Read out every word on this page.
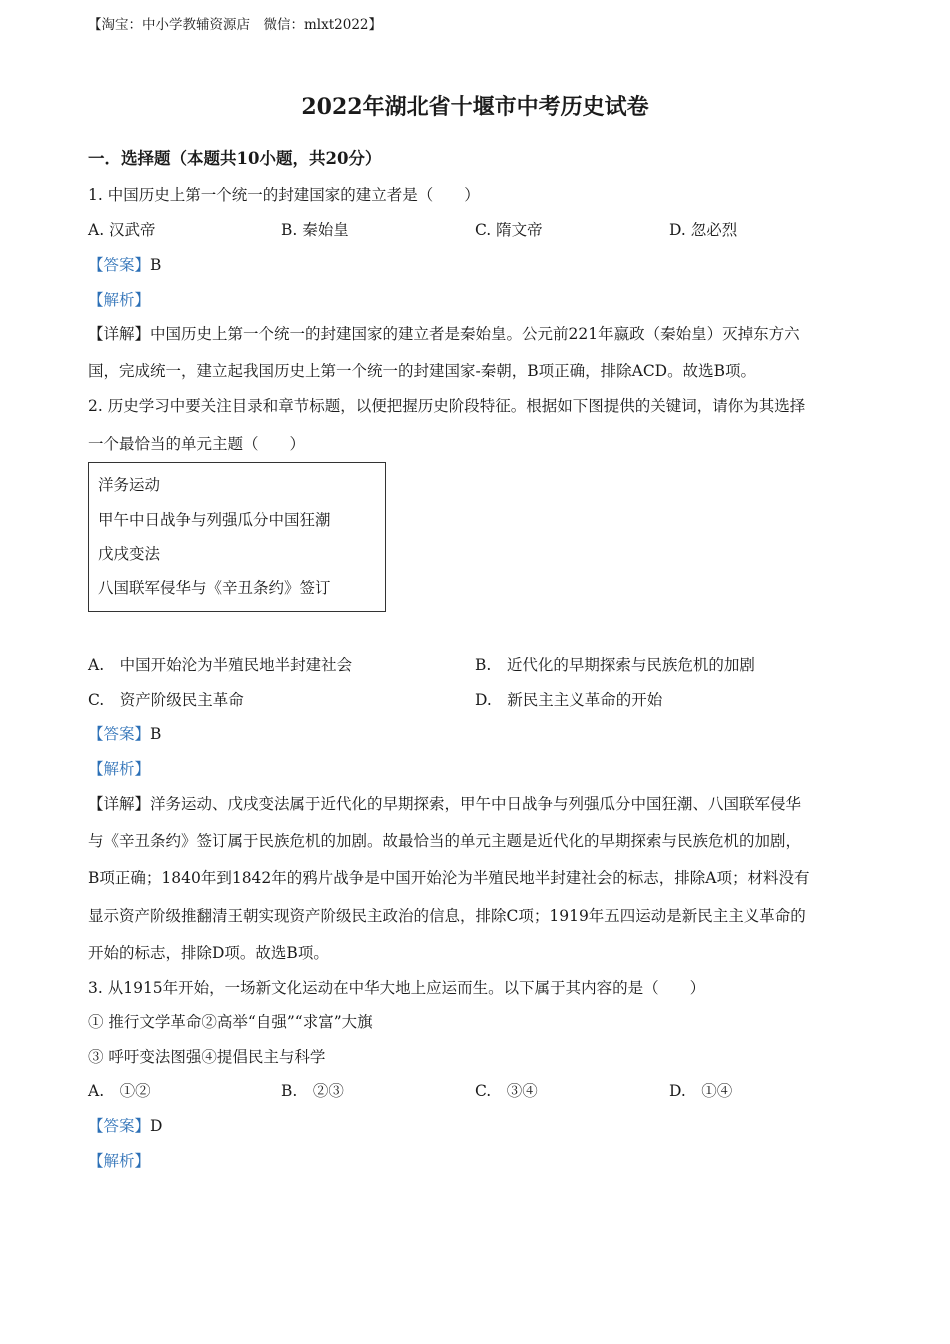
【淘宝：中小学教辅资源店　微信：mlxt2022】
2022年湖北省十堰市中考历史试卷
一．选择题（本题共10小题，共20分）
1. 中国历史上第一个统一的封建国家的建立者是（　　）
A. 汉武帝	B. 秦始皇	C. 隋文帝	D. 忽必烈
【答案】B
【解析】
【详解】中国历史上第一个统一的封建国家的建立者是秦始皇。公元前221年嬴政（秦始皇）灭掉东方六
国，完成统一，建立起我国历史上第一个统一的封建国家-秦朝，B项正确，排除ACD。故选B项。
2. 历史学习中要关注目录和章节标题，以便把握历史阶段特征。根据如下图提供的关键词，请你为其选择
一个最恰当的单元主题（　　）
洋务运动
甲午中日战争与列强瓜分中国狂潮
戊戌变法
八国联军侵华与《辛丑条约》签订
A.　中国开始沦为半殖民地半封建社会	B.　近代化的早期探索与民族危机的加剧
C.　资产阶级民主革命	D.　新民主主义革命的开始
【答案】B
【解析】
【详解】洋务运动、戊戌变法属于近代化的早期探索，甲午中日战争与列强瓜分中国狂潮、八国联军侵华
与《辛丑条约》签订属于民族危机的加剧。故最恰当的单元主题是近代化的早期探索与民族危机的加剧，
B项正确；1840年到1842年的鸦片战争是中国开始沦为半殖民地半封建社会的标志，排除A项；材料没有
显示资产阶级推翻清王朝实现资产阶级民主政治的信息，排除C项；1919年五四运动是新民主主义革命的
开始的标志，排除D项。故选B项。
3. 从1915年开始，一场新文化运动在中华大地上应运而生。以下属于其内容的是（　　）
① 推行文学革命②高举“自强”“求富”大旗
③ 呼吁变法图强④提倡民主与科学
A.　①②	B.　②③	C.　③④	D.　①④
【答案】D
【解析】
